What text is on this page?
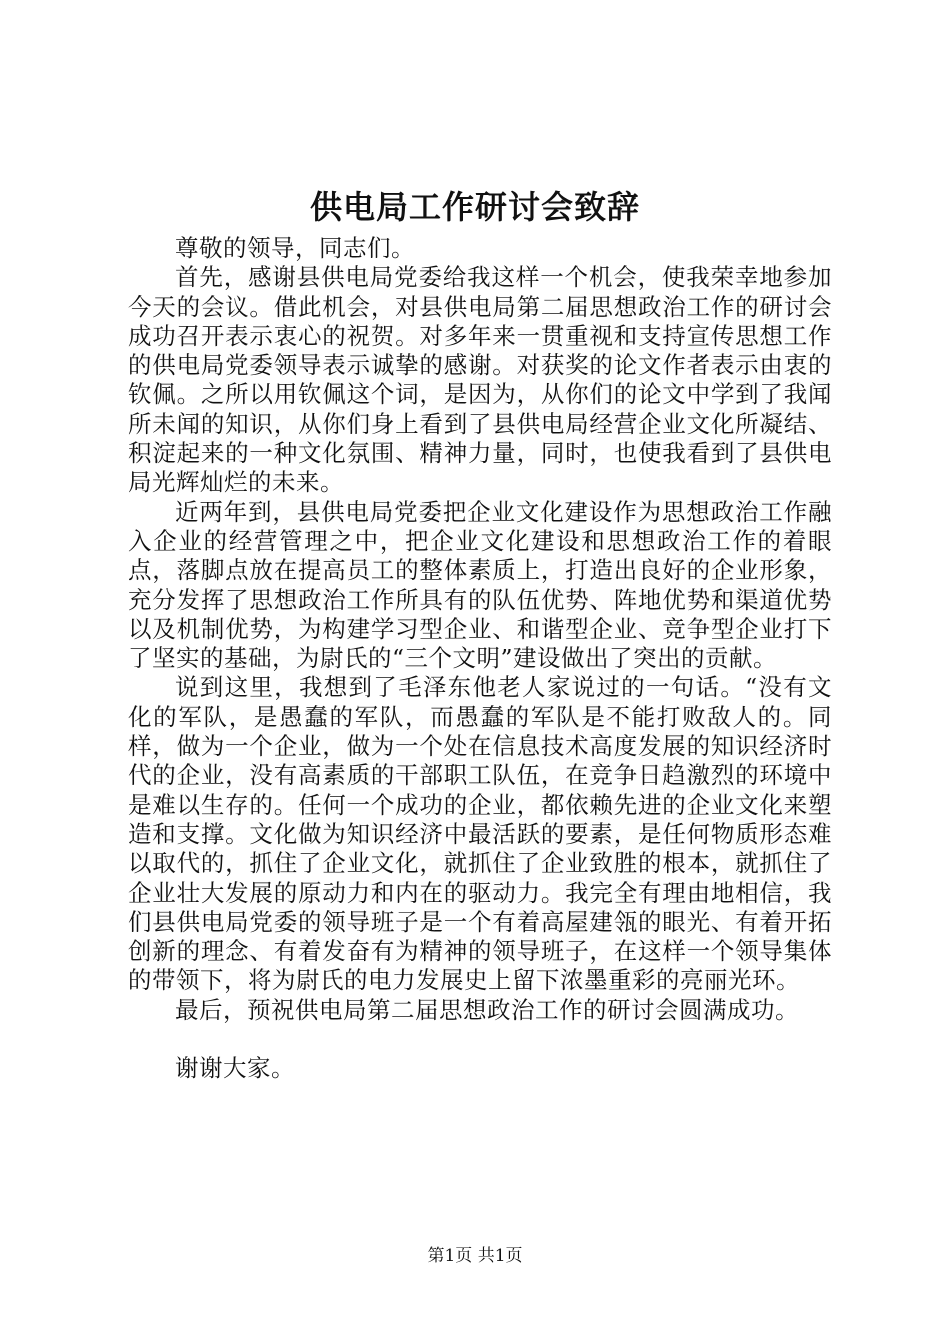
供电局工作研讨会致辞

尊敬的领导，同志们。

首先，感谢县供电局党委给我这样一个机会，使我荣幸地参加今天的会议。借此机会，对县供电局第二届思想政治工作的研讨会成功召开表示衷心的祝贺。对多年来一贯重视和支持宣传思想工作的供电局党委领导表示诚挚的感谢。对获奖的论文作者表示由衷的钦佩。之所以用钦佩这个词，是因为，从你们的论文中学到了我闻所未闻的知识，从你们身上看到了县供电局经营企业文化所凝结、积淀起来的一种文化氛围、精神力量，同时，也使我看到了县供电局光辉灿烂的未来。

近两年到，县供电局党委把企业文化建设作为思想政治工作融入企业的经营管理之中，把企业文化建设和思想政治工作的着眼点，落脚点放在提高员工的整体素质上，打造出良好的企业形象，充分发挥了思想政治工作所具有的队伍优势、阵地优势和渠道优势以及机制优势，为构建学习型企业、和谐型企业、竞争型企业打下了坚实的基础，为尉氏的“三个文明”建设做出了突出的贡献。

说到这里，我想到了毛泽东他老人家说过的一句话。“没有文化的军队，是愚蠢的军队，而愚蠢的军队是不能打败敌人的。同样，做为一个企业，做为一个处在信息技术高度发展的知识经济时代的企业，没有高素质的干部职工队伍，在竞争日趋激烈的环境中是难以生存的。任何一个成功的企业，都依赖先进的企业文化来塑造和支撑。文化做为知识经济中最活跃的要素，是任何物质形态难以取代的，抓住了企业文化，就抓住了企业致胜的根本，就抓住了企业壮大发展的原动力和内在的驱动力。我完全有理由地相信，我们县供电局党委的领导班子是一个有着高屋建瓴的眼光、有着开拓创新的理念、有着发奋有为精神的领导班子，在这样一个领导集体的带领下，将为尉氏的电力发展史上留下浓墨重彩的亮丽光环。

最后，预祝供电局第二届思想政治工作的研讨会圆满成功。

谢谢大家。

第1页 共1页
